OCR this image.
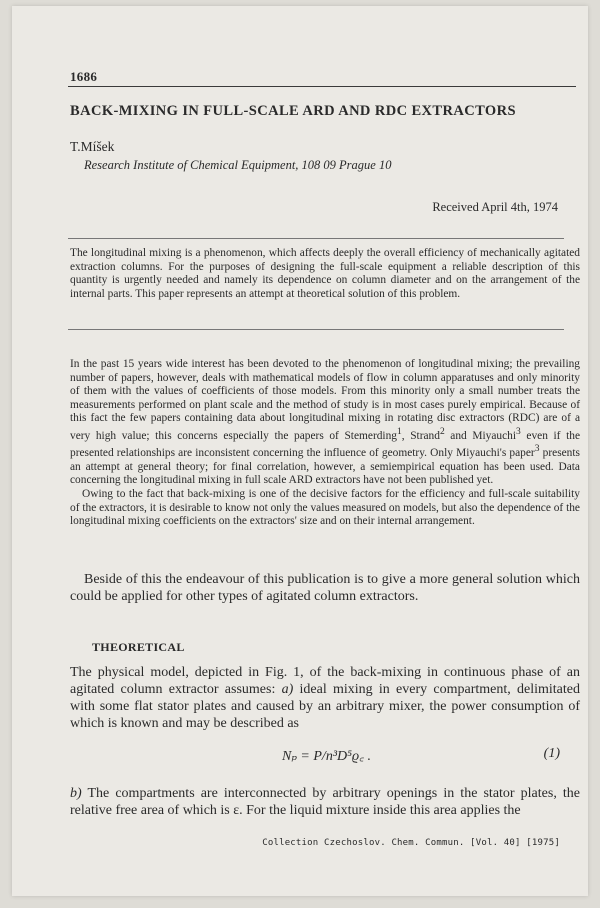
1686
BACK-MIXING IN FULL-SCALE ARD AND RDC EXTRACTORS
T.Míšek
Research Institute of Chemical Equipment, 108 09 Prague 10
Received April 4th, 1974
The longitudinal mixing is a phenomenon, which affects deeply the overall efficiency of mechanically agitated extraction columns. For the purposes of designing the full-scale equipment a reliable description of this quantity is urgently needed and namely its dependence on column diameter and on the arrangement of the internal parts. This paper represents an attempt at theoretical solution of this problem.

In the past 15 years wide interest has been devoted to the phenomenon of longitudinal mixing; the prevailing number of papers, however, deals with mathematical models of flow in column apparatuses and only minority of them with the values of coefficients of those models. From this minority only a small number treats the measurements performed on plant scale and the method of study is in most cases purely empirical. Because of this fact the few papers containing data about longitudinal mixing in rotating disc extractors (RDC) are of a very high value; this concerns especially the papers of Stemerding$^1$, Strand$^2$ and Miyauchi$^3$ even if the presented relationships are inconsistent concerning the influence of geometry. Only Miyauchi's paper$^3$ presents an attempt at general theory; for final correlation, however, a semiempirical equation has been used. Data concerning the longitudinal mixing in full scale ARD extractors have not been published yet.

Owing to the fact that back-mixing is one of the decisive factors for the efficiency and full-scale suitability of the extractors, it is desirable to know not only the values measured on models, but also the dependence of the longitudinal mixing coefficients on the extractors' size and on their internal arrangement.

Beside of this the endeavour of this publication is to give a more general solution which could be applied for other types of agitated column extractors.
THEORETICAL
The physical model, depicted in Fig. 1, of the back-mixing in continuous phase of an agitated column extractor assumes: a) ideal mixing in every compartment, delimitated with some flat stator plates and caused by an arbitrary mixer, the power consumption of which is known and may be described as
Nₚ = P/n³D⁵ϱ꜀ .	(1)
b) The compartments are interconnected by arbitrary openings in the stator plates, the relative free area of which is ε. For the liquid mixture inside this area applies the
Collection Czechoslov. Chem. Commun. [Vol. 40] [1975]
